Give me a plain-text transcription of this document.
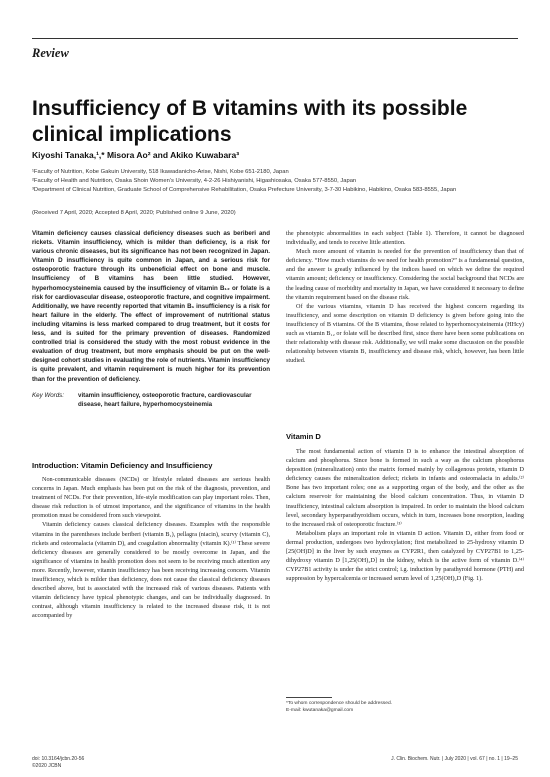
Review
Insufficiency of B vitamins with its possible clinical implications
Kiyoshi Tanaka,¹,* Misora Ao² and Akiko Kuwabara³
¹Faculty of Nutrition, Kobe Gakuin University, 518 Ikawadanicho-Arise, Nishi, Kobe 651-2180, Japan
²Faculty of Health and Nutrition, Osaka Shoin Women’s University, 4-2-26 Hishiyanishi, Higashiosaka, Osaka 577-8550, Japan
³Department of Clinical Nutrition, Graduate School of Comprehensive Rehabilitation, Osaka Prefecture University, 3-7-30 Habikino, Habikino, Osaka 583-8555, Japan
(Received 7 April, 2020; Accepted 8 April, 2020; Published online 9 June, 2020)
Vitamin deficiency causes classical deficiency diseases such as beriberi and rickets. Vitamin insufficiency, which is milder than deficiency, is a risk for various chronic diseases, but its significance has not been recognized in Japan. Vitamin D insufficiency is quite common in Japan, and a serious risk for osteoporotic fracture through its unbeneficial effect on bone and muscle. Insufficiency of B vitamins has been little studied. However, hyperhomocysteinemia caused by the insufficiency of vitamin B₁₂ or folate is a risk for cardiovascular disease, osteoporotic fracture, and cognitive impairment. Additionally, we have recently reported that vitamin B₁ insufficiency is a risk for heart failure in the elderly. The effect of improvement of nutritional status including vitamins is less marked compared to drug treatment, but it costs for less, and is suited for the primary prevention of diseases. Randomized controlled trial is considered the study with the most robust evidence in the evaluation of drug treatment, but more emphasis should be put on the well-designed cohort studies in evaluating the role of nutrients. Vitamin insufficiency is quite prevalent, and vitamin requirement is much higher for its prevention than for the prevention of deficiency.
Key Words: vitamin insufficiency, osteoporotic fracture, cardiovascular disease, heart failure, hyperhomocysteinemia
Introduction: Vitamin Deficiency and Insufficiency

Non-communicable diseases (NCDs) or lifestyle related diseases are serious health concerns in Japan. Much emphasis has been put on the risk of the diagnosis, prevention, and treatment of NCDs. For their prevention, life-style modification can play important roles. Then, disease risk reduction is of utmost importance, and the significance of vitamins in the health promotion must be considered from such viewpoint.

Vitamin deficiency causes classical deficiency diseases. Examples with the responsible vitamins in the parentheses include beriberi (vitamin B₁), pellagra (niacin), scurvy (vitamin C), rickets and osteomalacia (vitamin D), and coagulation abnormality (vitamin K).⁽¹⁾ These severe deficiency diseases are generally considered to be mostly overcome in Japan, and the significance of vitamins in health promotion does not seem to be receiving much attention any more. Recently, however, vitamin insufficiency has been receiving increasing concern. Vitamin insufficiency, which is milder than deficiency, does not cause the classical deficiency diseases described above, but is associated with the increased risk of various diseases. Patients with vitamin deficiency have typical phenotypic changes, and can be individually diagnosed. In contrast, although vitamin insufficiency is related to the increased disease risk, it is not accompanied by

the phenotypic abnormalities in each subject (Table 1). Therefore, it cannot be diagnosed individually, and tends to receive little attention.

Much more amount of vitamin is needed for the prevention of insufficiency than that of deficiency. “How much vitamins do we need for health promotion?” is a fundamental question, and the answer is greatly influenced by the indices based on which we define the required vitamin amount; deficiency or insufficiency. Considering the social background that NCDs are the leading cause of morbidity and mortality in Japan, we have considered it necessary to define the vitamin requirement based on the disease risk.

Of the various vitamins, vitamin D has received the highest concern regarding its insufficiency, and some description on vitamin D deficiency is given before going into the insufficiency of B vitamins. Of the B vitamins, those related to hyperhomocysteinemia (HHcy) such as vitamin B₁₂ or folate will be described first, since there have been some publications on their relationship with disease risk. Additionally, we will make some discussion on the possible relationship between vitamin B₁ insufficiency and disease risk, which, however, has been little studied.

Vitamin D

The most fundamental action of vitamin D is to enhance the intestinal absorption of calcium and phosphorus. Since bone is formed in such a way as the calcium phosphorus deposition (mineralization) onto the matrix formed mainly by collagenous protein, vitamin D deficiency causes the mineralization defect; rickets in infants and osteomalacia in adults.⁽²⁾ Bone has two important roles; one as a supporting organ of the body, and the other as the calcium reservoir for maintaining the blood calcium concentration. Thus, in vitamin D insufficiency, intestinal calcium absorption is impaired. In order to maintain the blood calcium level, secondary hyperparathyroidism occurs, which in turn, increases bone resorption, leading to the increased risk of osteoporotic fracture.⁽³⁾

Metabolism plays an important role in vitamin D action. Vitamin D₃ either from food or dermal production, undergoes two hydroxylation; first metabolized to 25-hydroxy vitamin D [25(OH)D] in the liver by such enzymes as CYP2R1, then catalyzed by CYP27B1 to 1,25-dihydroxy vitamin D [1,25(OH)₂D] in the kidney, which is the active form of vitamin D.⁽⁴⁾ CYP27B1 activity is under the strict control; i.g. induction by parathyroid hormone (PTH) and suppression by hypercalcemia or increased serum level of 1,25(OH)₂D (Fig. 1).

*To whom correspondence should be addressed.
E-mail: kwutanaka@gmail.com
doi: 10.3164/jcbn.20-56
©2020 JCBN
J. Clin. Biochem. Nutr. | July 2020 | vol. 67 | no. 1 | 19–25
